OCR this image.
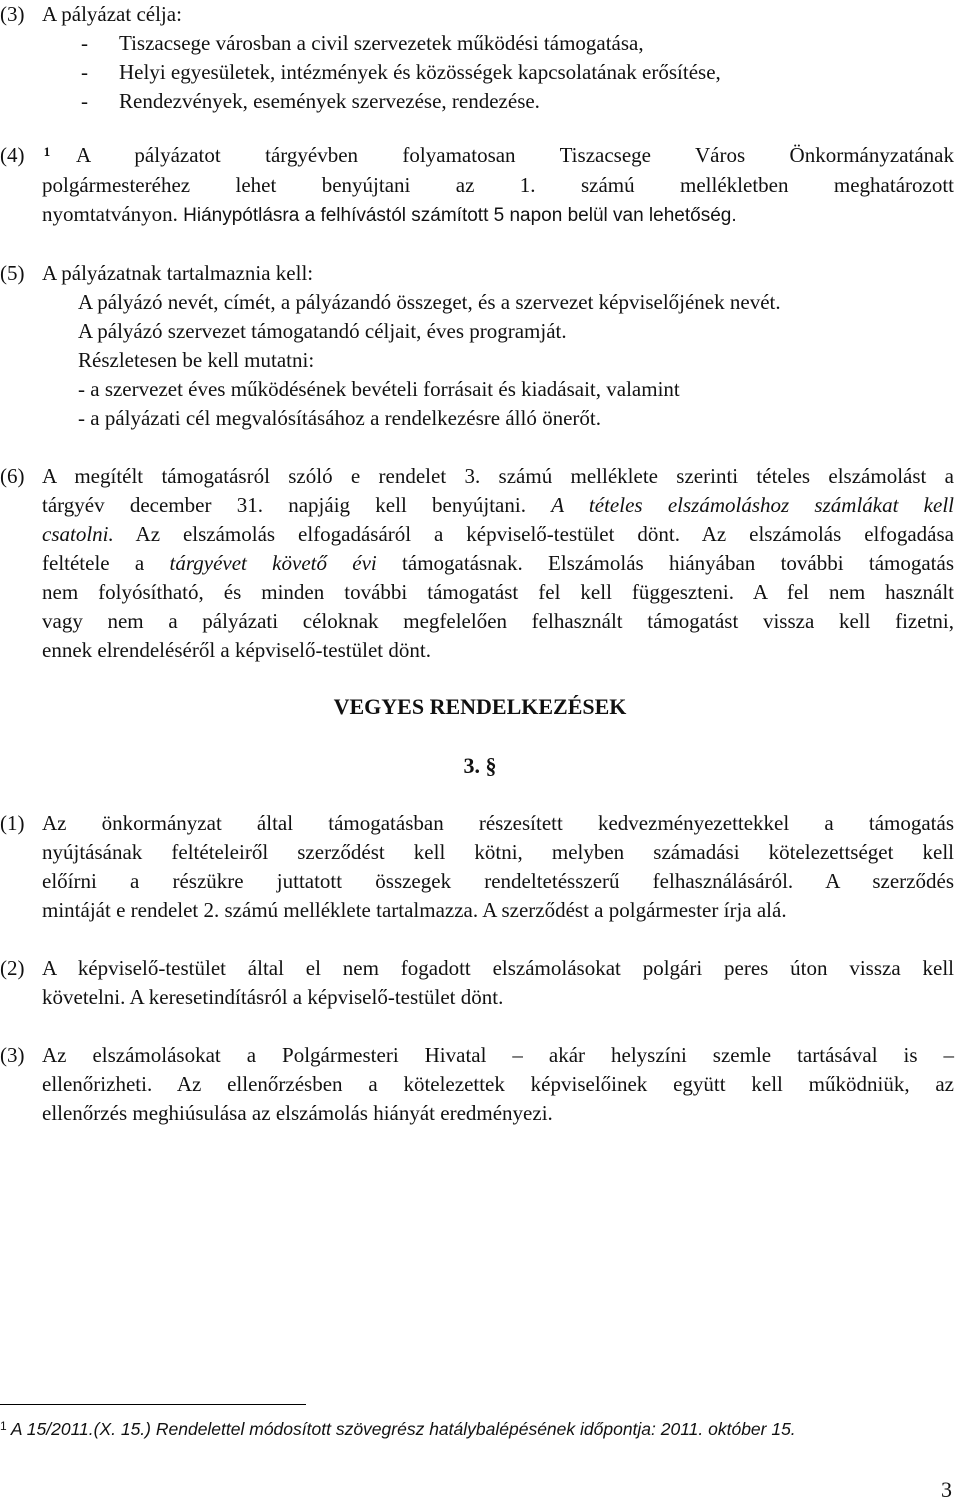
(3) A pályázat célja:
- Tiszacsege városban a civil szervezetek működési támogatása,
- Helyi egyesületek, intézmények és közösségek kapcsolatának erősítése,
- Rendezvények, események szervezése, rendezése.
(4) ¹ A pályázatot tárgyévben folyamatosan Tiszacsege Város Önkormányzatának
polgármesteréhez lehet benyújtani az 1. számú mellékletben meghatározott
nyomtatványon. Hiánypótlásra a felhívástól számított 5 napon belül van lehetőség.
(5) A pályázatnak tartalmaznia kell:
A pályázó nevét, címét, a pályázandó összeget, és a szervezet képviselőjének nevét.
A pályázó szervezet támogatandó céljait, éves programját.
Részletesen be kell mutatni:
- a szervezet éves működésének bevételi forrásait és kiadásait, valamint
- a pályázati cél megvalósításához a rendelkezésre álló önerőt.
(6) A megítélt támogatásról szóló e rendelet 3. számú melléklete szerinti tételes elszámolást a
tárgyév december 31. napjáig kell benyújtani. A tételes elszámoláshoz számlákat kell
csatolni. Az elszámolás elfogadásáról a képviselő-testület dönt. Az elszámolás elfogadása
feltétele a tárgyévet követő évi támogatásnak. Elszámolás hiányában további támogatás
nem folyósítható, és minden további támogatást fel kell függeszteni. A fel nem használt
vagy nem a pályázati céloknak megfelelően felhasznált támogatást vissza kell fizetni,
ennek elrendeléséről a képviselő-testület dönt.
VEGYES RENDELKEZÉSEK
3. §
(1) Az önkormányzat által támogatásban részesített kedvezményezettekkel a támogatás
nyújtásának feltételeiről szerződést kell kötni, melyben számadási kötelezettséget kell
előírni a részükre juttatott összegek rendeltetésszerű felhasználásáról. A szerződés
mintáját e rendelet 2. számú melléklete tartalmazza. A szerződést a polgármester írja alá.
(2) A képviselő-testület által el nem fogadott elszámolásokat polgári peres úton vissza kell
követelni. A keresetindításról a képviselő-testület dönt.
(3) Az elszámolásokat a Polgármesteri Hivatal – akár helyszíni szemle tartásával is –
ellenőrizheti. Az ellenőrzésben a kötelezettek képviselőinek együtt kell működniük, az
ellenőrzés meghiúsulása az elszámolás hiányát eredményezi.
$^1$ A 15/2011.(X. 15.) Rendelettel módosított szövegrész hatálybalépésének időpontja: 2011. október 15.
3
